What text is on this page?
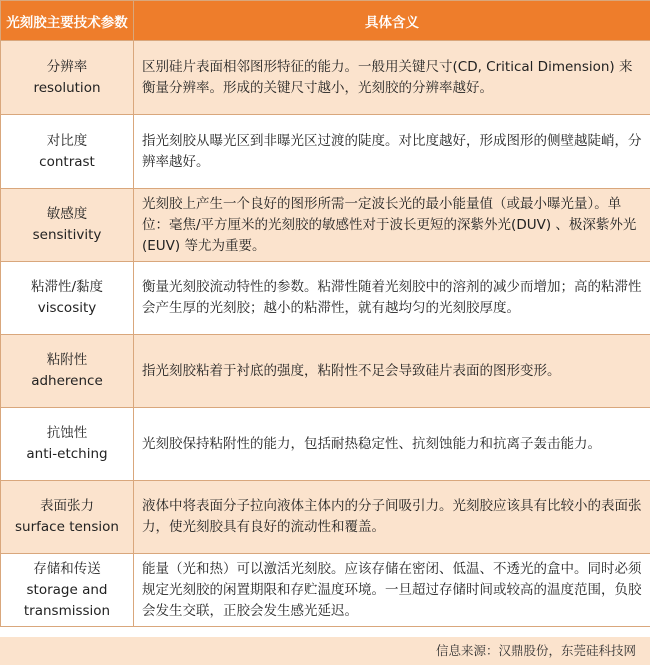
光刻胶主要技术参数	具体含义

分辨率
resolution	区别硅片表面相邻图形特征的能力。一般用关键尺寸(CD, Critical Dimension) 来衡量分辨率。形成的关键尺寸越小，光刻胶的分辨率越好。

对比度
contrast	指光刻胶从曝光区到非曝光区过渡的陡度。对比度越好，形成图形的侧壁越陡峭，分辨率越好。

敏感度
sensitivity	光刻胶上产生一个良好的图形所需一定波长光的最小能量值（或最小曝光量）。单位：毫焦/平方厘米的光刻胶的敏感性对于波长更短的深紫外光(DUV) 、极深紫外光(EUV) 等尤为重要。

粘滞性/黏度
viscosity	衡量光刻胶流动特性的参数。粘滞性随着光刻胶中的溶剂的减少而增加；高的粘滞性会产生厚的光刻胶；越小的粘滞性，就有越均匀的光刻胶厚度。

粘附性
adherence	指光刻胶粘着于衬底的强度，粘附性不足会导致硅片表面的图形变形。

抗蚀性
anti-etching	光刻胶保持粘附性的能力，包括耐热稳定性、抗刻蚀能力和抗离子轰击能力。

表面张力
surface tension	液体中将表面分子拉向液体主体内的分子间吸引力。光刻胶应该具有比较小的表面张力，使光刻胶具有良好的流动性和覆盖。

存储和传送
storage and transmission	能量（光和热）可以激活光刻胶。应该存储在密闭、低温、不透光的盒中。同时必须规定光刻胶的闲置期限和存贮温度环境。一旦超过存储时间或较高的温度范围，负胶会发生交联，正胶会发生感光延迟。
信息来源：汉鼎股份，东莞硅科技网
